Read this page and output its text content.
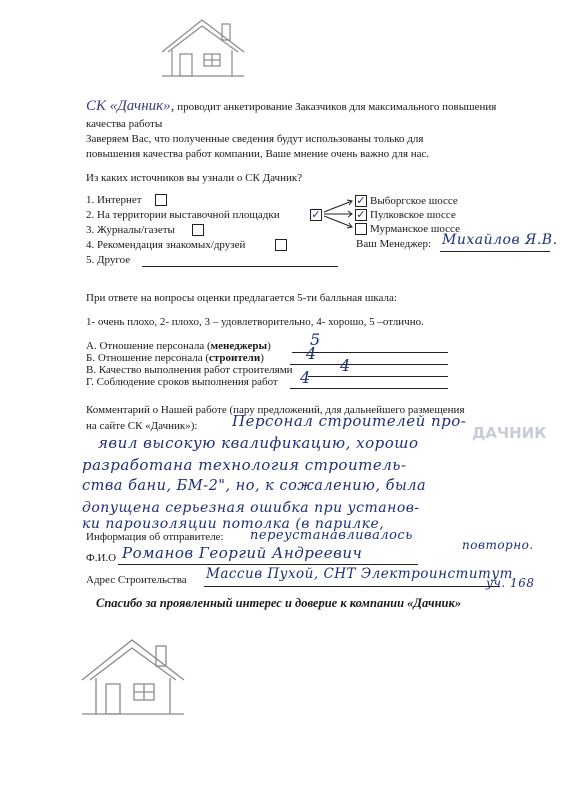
СК «Дачник», проводит анкетирование Заказчиков для максимального повышения
качества работы
Заверяем Вас, что полученные сведения будут использованы только для
повышения качества работ компании, Ваше мнение очень важно для нас.
Из каких источников вы узнали о СК Дачник?
1. Интернет
2. На территории выставочной площадки	✓
3. Журналы/газеты
4. Рекомендация знакомых/друзей
5. Другое
✓ Выборгское шоссе
✓ Пулковское шоссе
Мурманское шоссе
Ваш Менеджер: Михайлов Я.В.
При ответе на вопросы оценки предлагается 5-ти балльная шкала:
1- очень плохо, 2- плохо, 3 – удовлетворительно, 4- хорошо, 5 –отлично.
А. Отношение персонала (менеджеры) 5
Б. Отношение персонала (строители)	4
В. Качество выполнения работ строителями	4
Г. Соблюдение сроков выполнения работ 4
Комментарий о Нашей работе (пару предложений, для дальнейшего размещения
на сайте СК «Дачник»):	ДАЧНИК
Персонал строителей про-
явил высокую квалификацию, хорошо
разработана технология строитель-
ства бани, БМ-2", но, к сожалению, была
допущена серьезная ошибка при установ-
ки пароизоляции потолка (в парилке,
Информация об отправителе: переустанавливалось
повторно.
Ф.И.О Романов Георгий Андреевич
Адрес Строительства Массив Пухой, СНТ Электроинститут
уч. 168
Спасибо за проявленный интерес и доверие к компании «Дачник»
